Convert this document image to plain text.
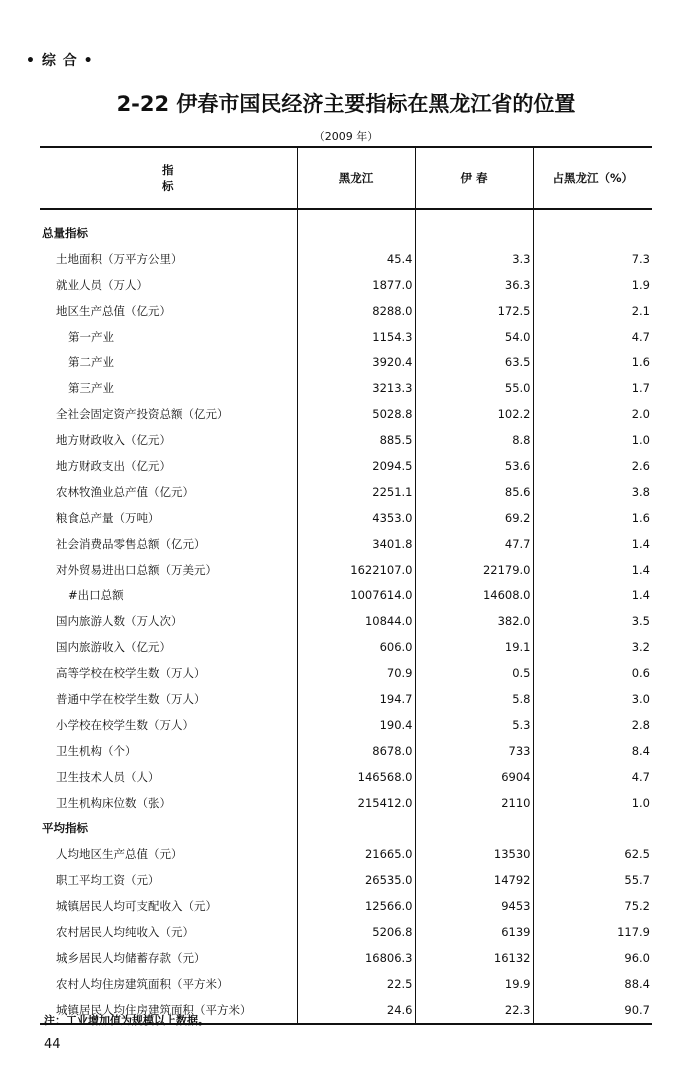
• 综 合 •
2-22 伊春市国民经济主要指标在黑龙江省的位置
（2009 年）
指 标	黑龙江	伊 春	占黑龙江（%）
总量指标			
土地面积（万平方公里）	45.4	3.3	7.3
就业人员（万人）	1877.0	36.3	1.9
地区生产总值（亿元）	8288.0	172.5	2.1
第一产业	1154.3	54.0	4.7
第二产业	3920.4	63.5	1.6
第三产业	3213.3	55.0	1.7
全社会固定资产投资总额（亿元）	5028.8	102.2	2.0
地方财政收入（亿元）	885.5	8.8	1.0
地方财政支出（亿元）	2094.5	53.6	2.6
农林牧渔业总产值（亿元）	2251.1	85.6	3.8
粮食总产量（万吨）	4353.0	69.2	1.6
社会消费品零售总额（亿元）	3401.8	47.7	1.4
对外贸易进出口总额（万美元）	1622107.0	22179.0	1.4
#出口总额	1007614.0	14608.0	1.4
国内旅游人数（万人次）	10844.0	382.0	3.5
国内旅游收入（亿元）	606.0	19.1	3.2
高等学校在校学生数（万人）	70.9	0.5	0.6
普通中学在校学生数（万人）	194.7	5.8	3.0
小学校在校学生数（万人）	190.4	5.3	2.8
卫生机构（个）	8678.0	733	8.4
卫生技术人员（人）	146568.0	6904	4.7
卫生机构床位数（张）	215412.0	2110	1.0
平均指标			
人均地区生产总值（元）	21665.0	13530	62.5
职工平均工资（元）	26535.0	14792	55.7
城镇居民人均可支配收入（元）	12566.0	9453	75.2
农村居民人均纯收入（元）	5206.8	6139	117.9
城乡居民人均储蓄存款（元）	16806.3	16132	96.0
农村人均住房建筑面积（平方米）	22.5	19.9	88.4
城镇居民人均住房建筑面积（平方米）	24.6	22.3	90.7
注：工业增加值为规模以上数据。
44
